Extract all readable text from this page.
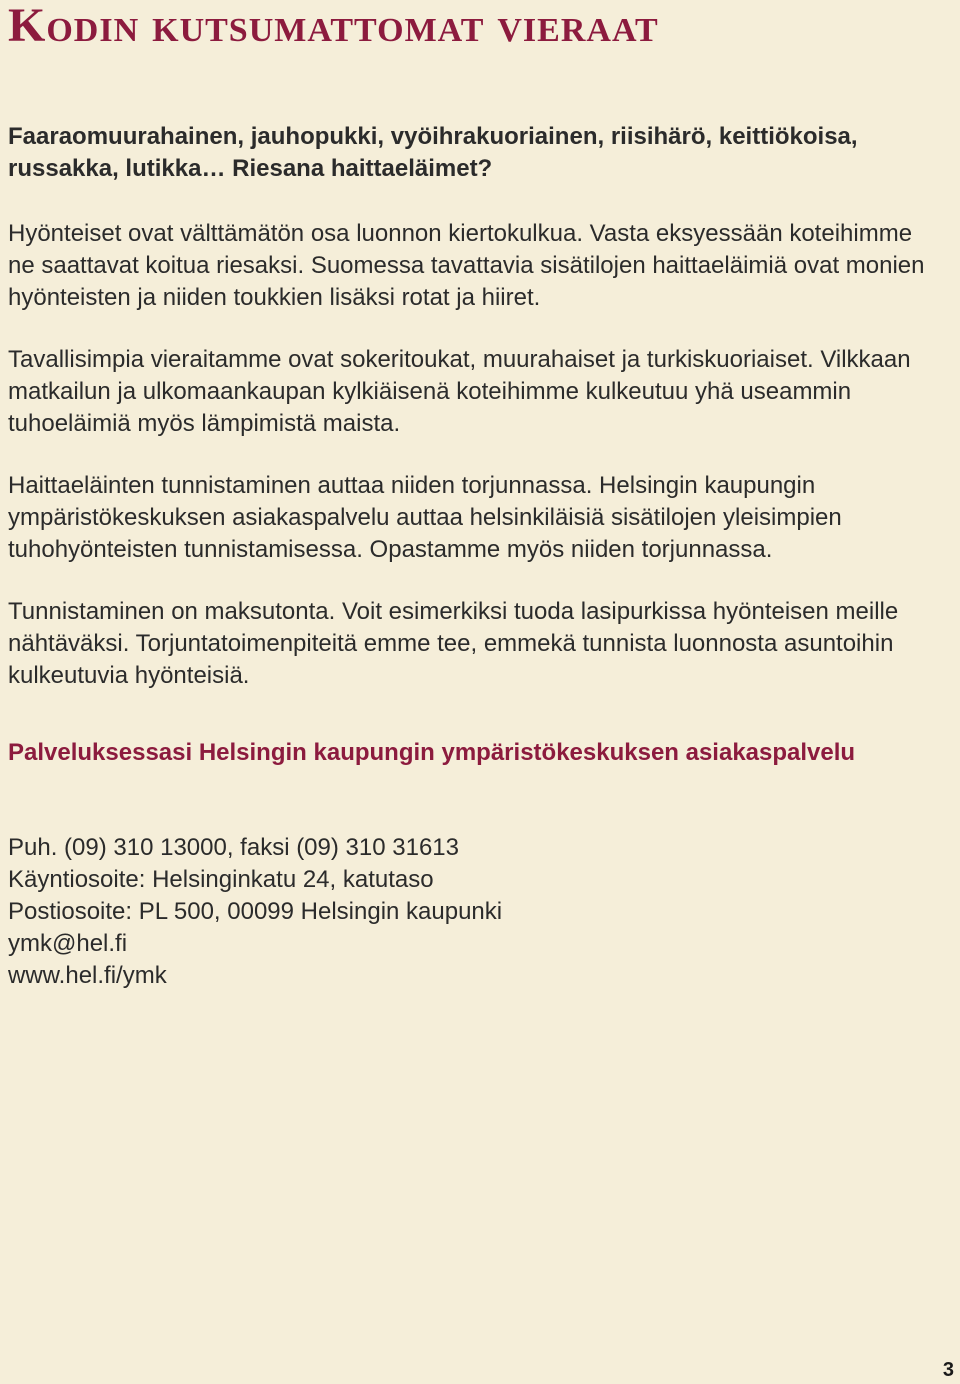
Kodin kutsumattomat vieraat

Faaraomuurahainen, jauhopukki, vyöihrakuoriainen, riisihärö, keittiökoisa, russakka, lutikka… Riesana haittaeläimet?

Hyönteiset ovat välttämätön osa luonnon kiertokulkua. Vasta eksyessään koteihimme ne saattavat koitua riesaksi. Suomessa tavattavia sisätilojen haittaeläimiä ovat monien hyönteisten ja niiden toukkien lisäksi rotat ja hiiret.

Tavallisimpia vieraitamme ovat sokeritoukat, muurahaiset ja turkiskuoriaiset. Vilkkaan matkailun ja ulkomaankaupan kylkiäisenä koteihimme kulkeutuu yhä useammin tuhoeläimiä myös lämpimistä maista.

Haittaeläinten tunnistaminen auttaa niiden torjunnassa. Helsingin kaupungin ympäristökeskuksen asiakaspalvelu auttaa helsinkiläisiä sisätilojen yleisimpien tuhohyönteisten tunnistamisessa. Opastamme myös niiden torjunnassa.

Tunnistaminen on maksutonta. Voit esimerkiksi tuoda lasipurkissa hyönteisen meille nähtäväksi. Torjuntatoimenpiteitä emme tee, emmekä tunnista luonnosta asuntoihin kulkeutuvia hyönteisiä.

Palveluksessasi Helsingin kaupungin ympäristökeskuksen asiakaspalvelu
Puh. (09) 310 13000, faksi (09) 310 31613
Käyntiosoite: Helsinginkatu 24, katutaso
Postiosoite: PL 500, 00099 Helsingin kaupunki
ymk@hel.fi
www.hel.fi/ymk
3
